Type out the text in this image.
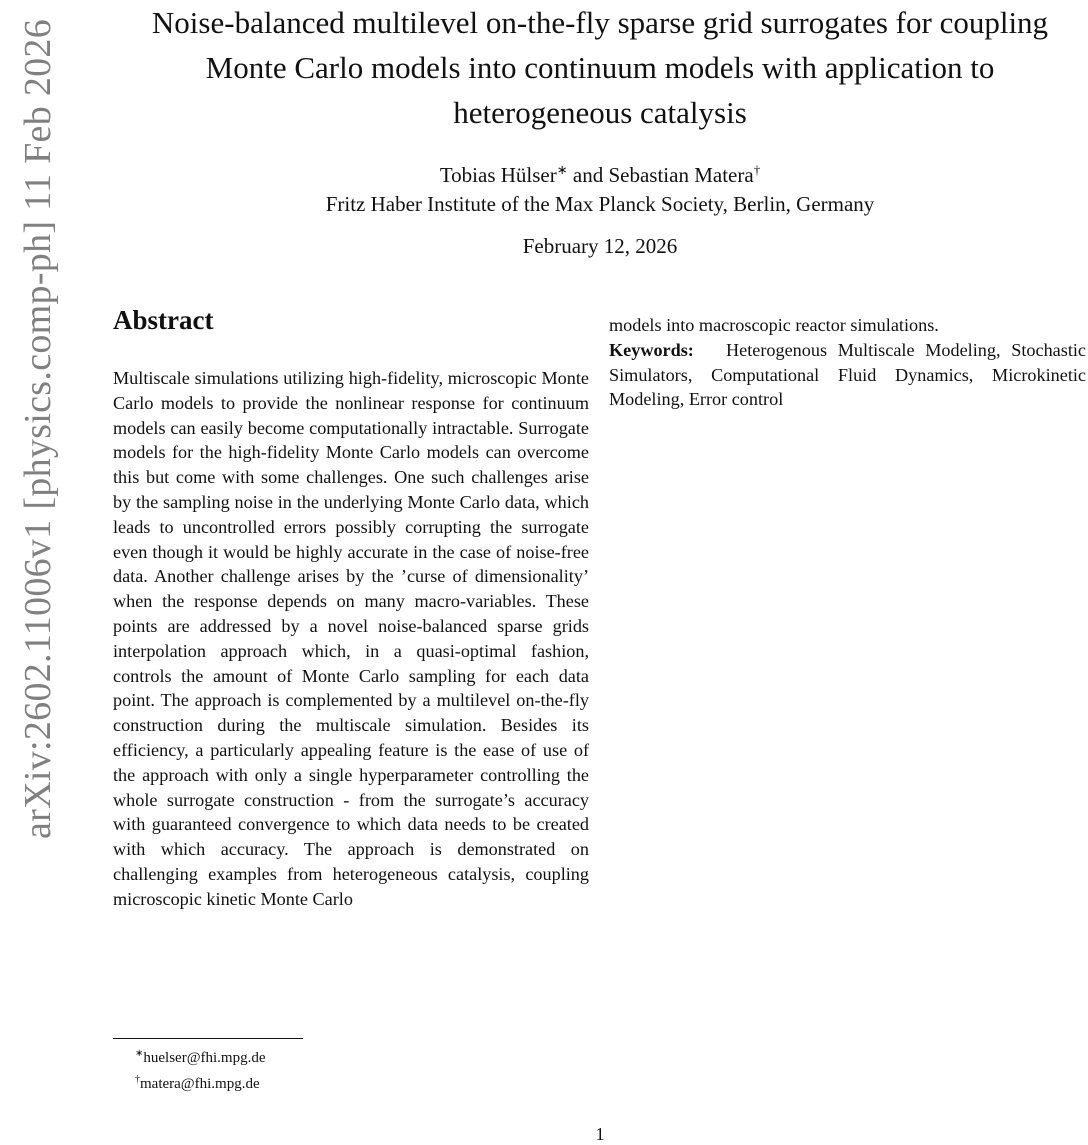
arXiv:2602.11006v1 [physics.comp-ph] 11 Feb 2026	Noise-balanced multilevel on-the-fly sparse grid surrogates for coupling Monte Carlo models into continuum models with application to heterogeneous catalysis
Tobias Hülser∗ and Sebastian Matera†
Fritz Haber Institute of the Max Planck Society, Berlin, Germany
February 12, 2026
Abstract

Multiscale simulations utilizing high-fidelity, microscopic Monte Carlo models to provide the nonlinear response for continuum models can easily become computationally intractable. Surrogate models for the high-fidelity Monte Carlo models can overcome this but come with some challenges. One such challenges arise by the sampling noise in the underlying Monte Carlo data, which leads to uncontrolled errors possibly corrupting the surrogate even though it would be highly accurate in the case of noise-free data. Another challenge arises by the ’curse of dimensionality’ when the response depends on many macro-variables. These points are addressed by a novel noise-balanced sparse grids interpolation approach which, in a quasi-optimal fashion, controls the amount of Monte Carlo sampling for each data point. The approach is complemented by a multilevel on-the-fly construction during the multiscale simulation. Besides its efficiency, a particularly appealing feature is the ease of use of the approach with only a single hyperparameter controlling the whole surrogate construction - from the surrogate’s accuracy with guaranteed convergence to which data needs to be created with which accuracy. The approach is demonstrated on challenging examples from heterogeneous catalysis, coupling microscopic kinetic Monte Carlo

models into macroscopic reactor simulations.

Keywords: Heterogenous Multiscale Modeling, Stochastic Simulators, Computational Fluid Dynamics, Microkinetic Modeling, Error control

∗huelser@fhi.mpg.de
†matera@fhi.mpg.de
1
